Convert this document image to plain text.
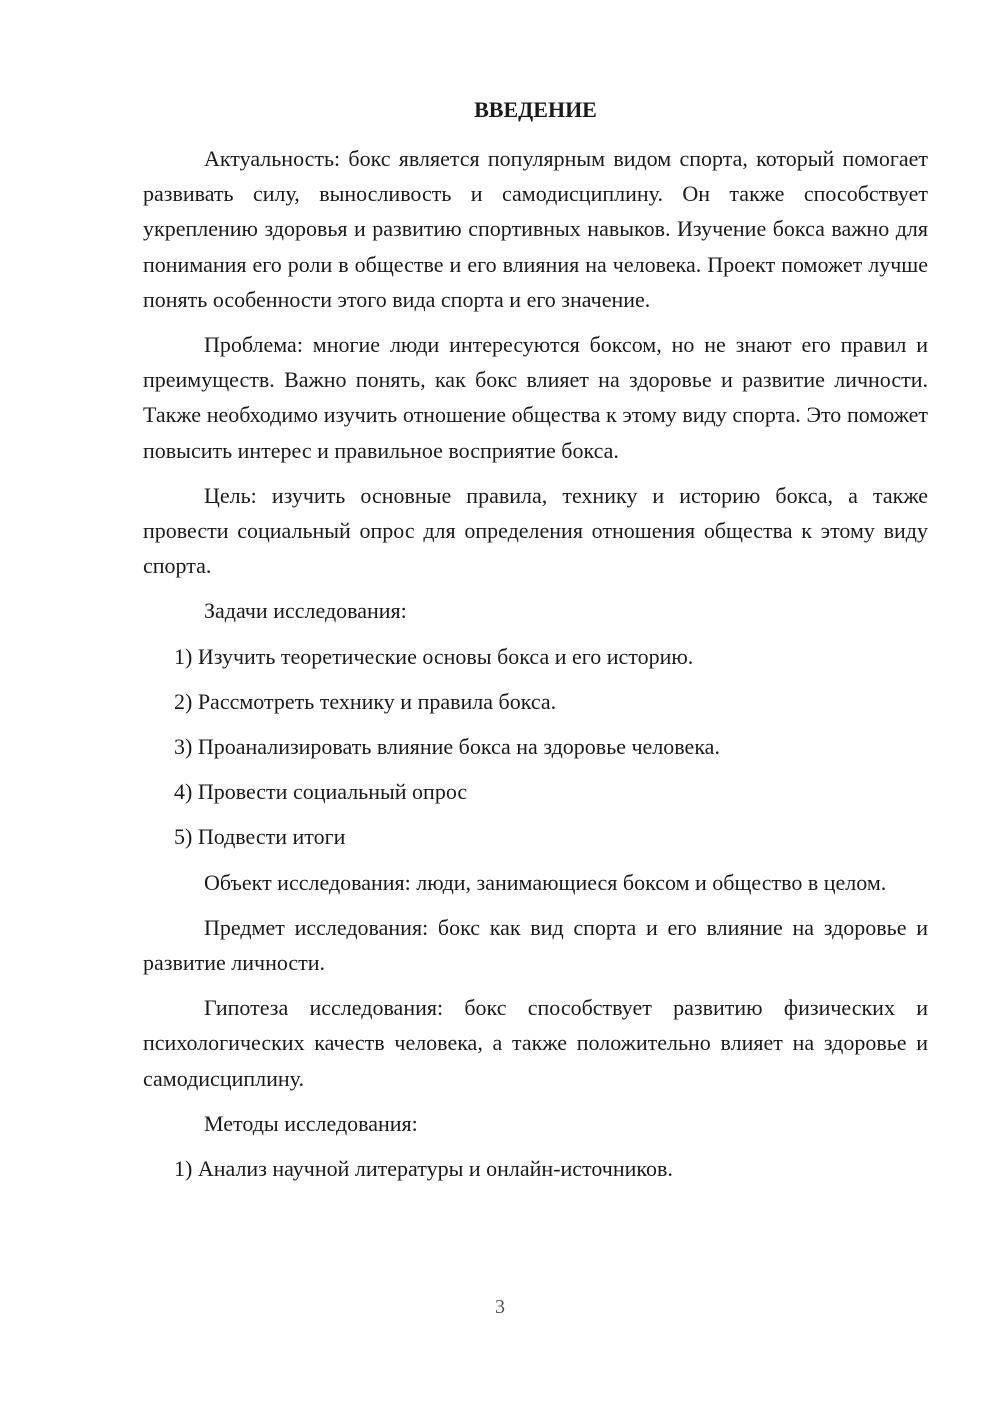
ВВЕДЕНИЕ

Актуальность: бокс является популярным видом спорта, который помогает развивать силу, выносливость и самодисциплину. Он также способствует укреплению здоровья и развитию спортивных навыков. Изучение бокса важно для понимания его роли в обществе и его влияния на человека. Проект поможет лучше понять особенности этого вида спорта и его значение.

Проблема: многие люди интересуются боксом, но не знают его правил и преимуществ. Важно понять, как бокс влияет на здоровье и развитие личности. Также необходимо изучить отношение общества к этому виду спорта. Это поможет повысить интерес и правильное восприятие бокса.

Цель: изучить основные правила, технику и историю бокса, а также провести социальный опрос для определения отношения общества к этому виду спорта.

Задачи исследования:

1) Изучить теоретические основы бокса и его историю.

2) Рассмотреть технику и правила бокса.

3) Проанализировать влияние бокса на здоровье человека.

4) Провести социальный опрос

5) Подвести итоги

Объект исследования: люди, занимающиеся боксом и общество в целом.

Предмет исследования: бокс как вид спорта и его влияние на здоровье и развитие личности.

Гипотеза исследования: бокс способствует развитию физических и психологических качеств человека, а также положительно влияет на здоровье и самодисциплину.

Методы исследования:

1) Анализ научной литературы и онлайн-источников.

3
